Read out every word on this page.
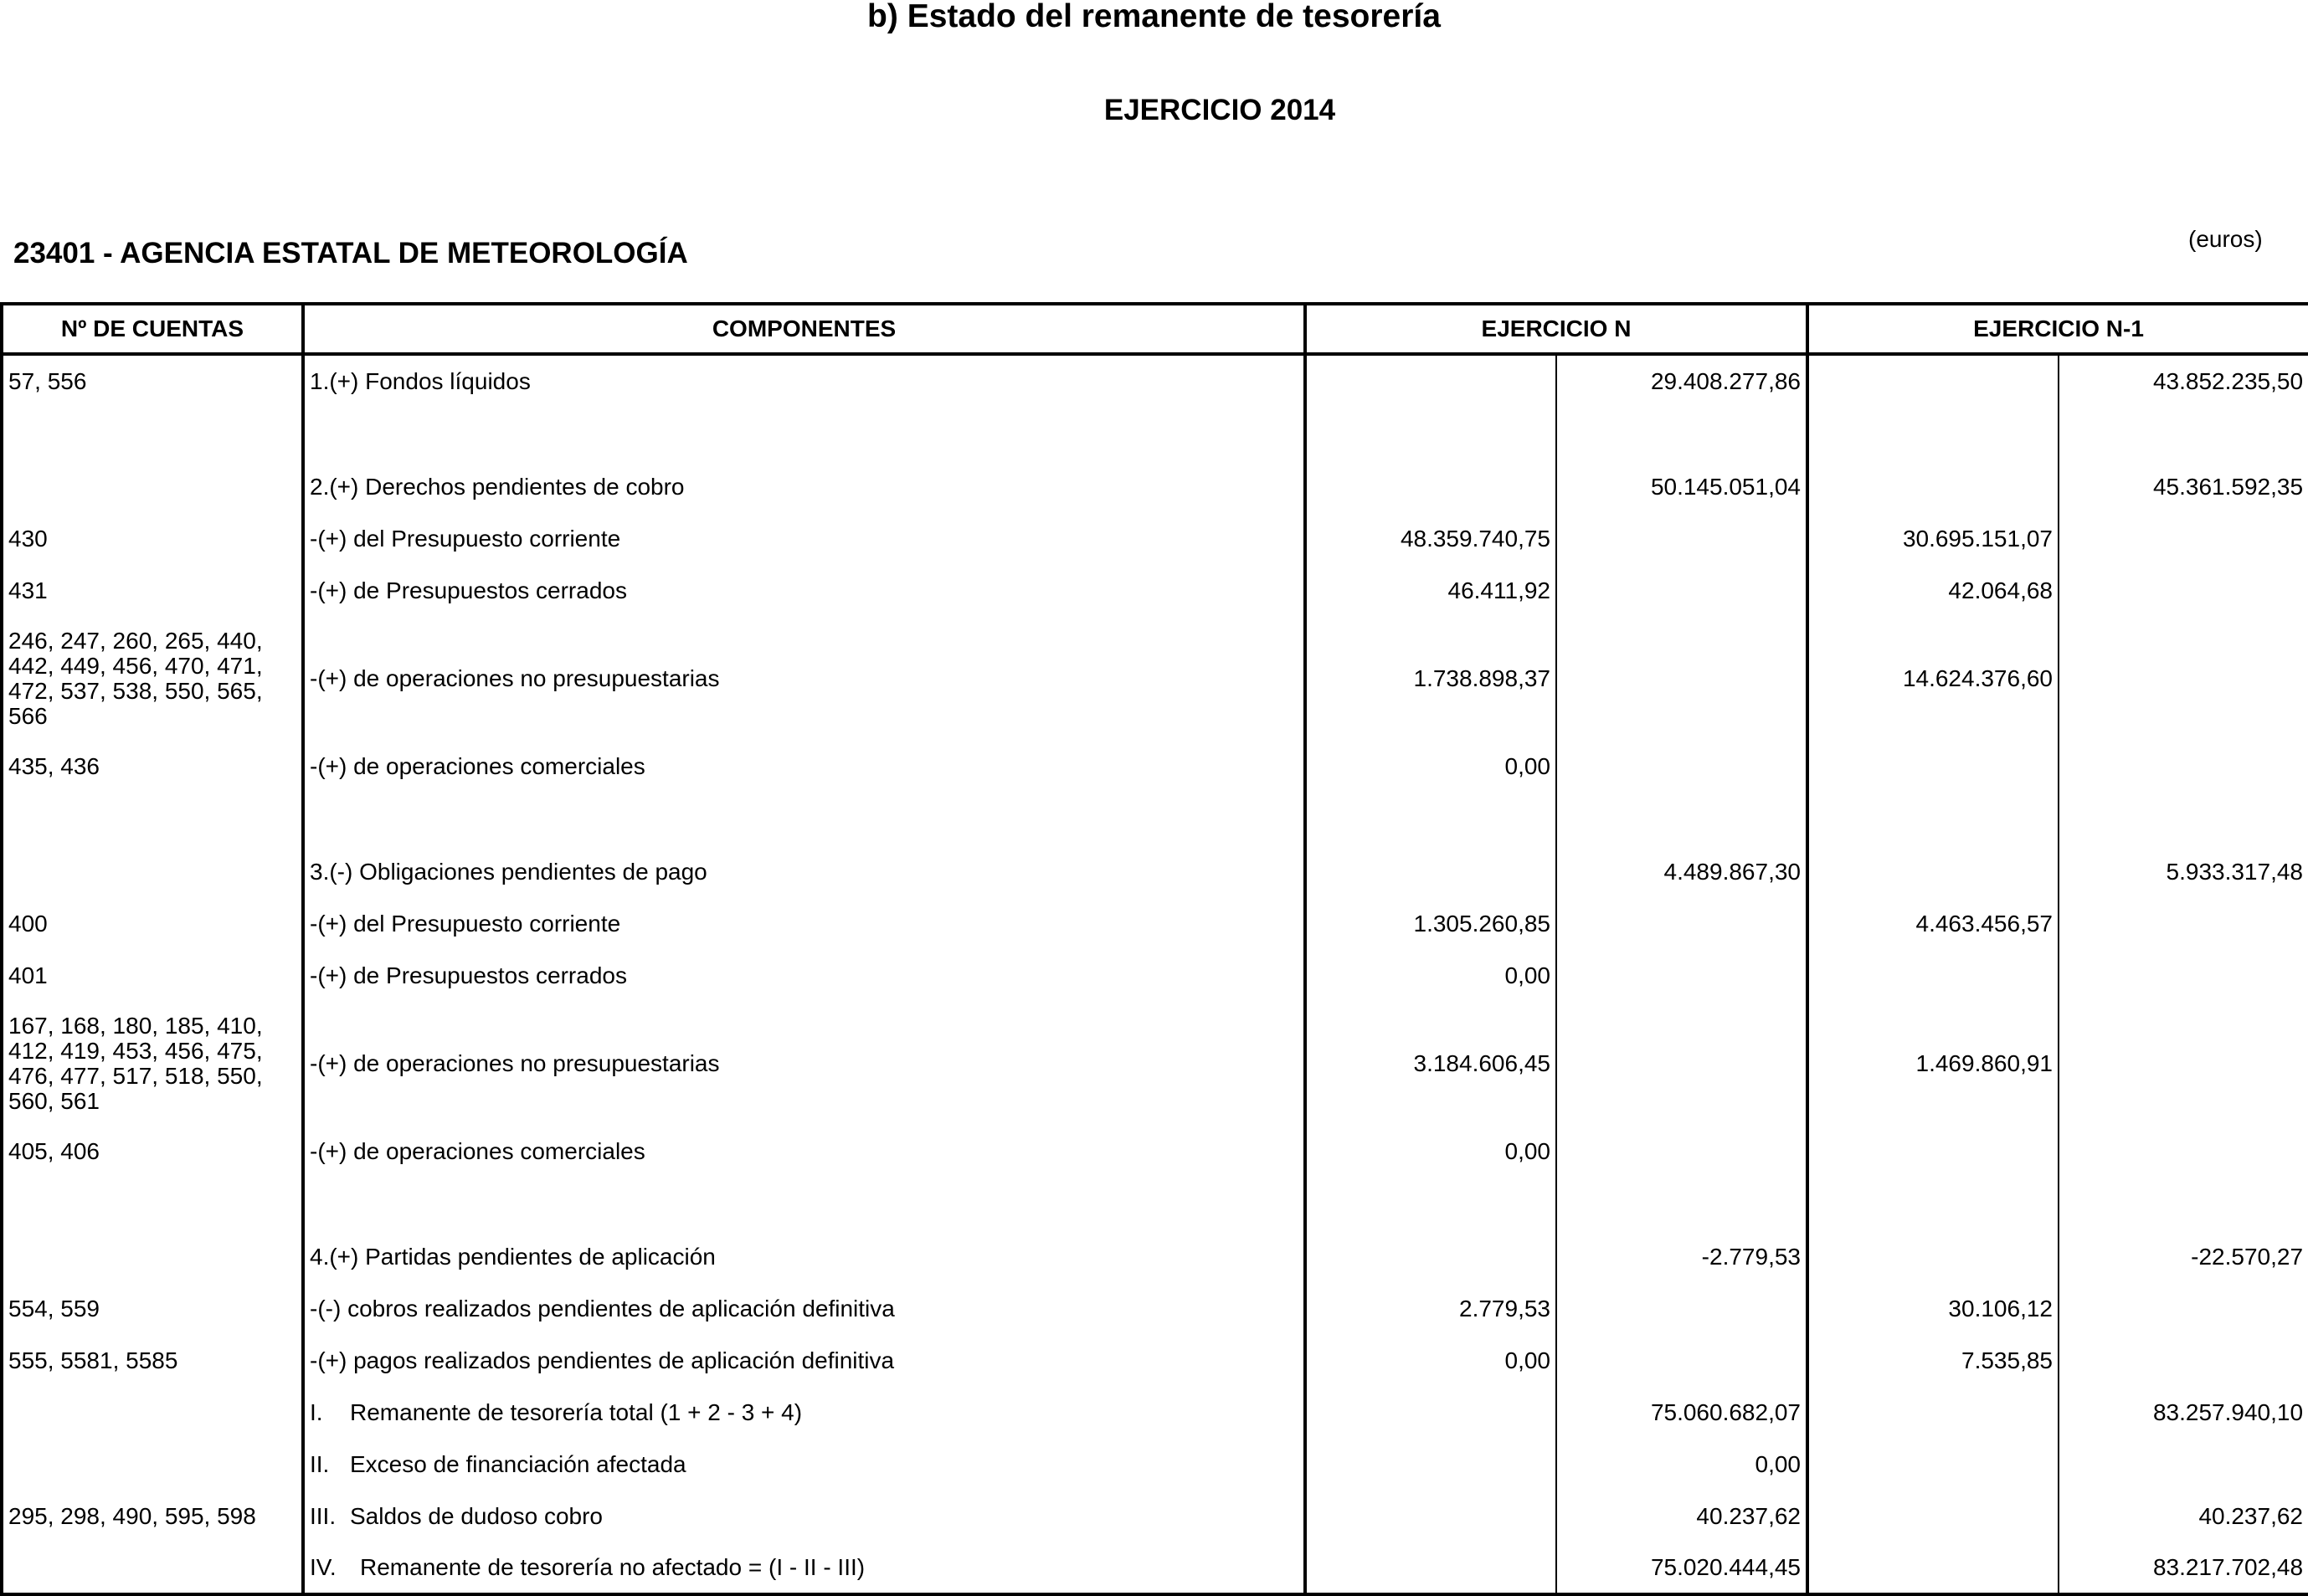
b) Estado del remanente de tesorería
EJERCICIO 2014
23401 - AGENCIA ESTATAL DE METEOROLOGÍA	(euros)
Nº DE CUENTAS	COMPONENTES	EJERCICIO N		EJERCICIO N-1	
57, 556	1.(+) Fondos líquidos		29.408.277,86		43.852.235,50

	2.(+) Derechos pendientes de cobro		50.145.051,04		45.361.592,35
430	-(+) del Presupuesto corriente	48.359.740,75		30.695.151,07	
431	-(+) de Presupuestos cerrados	46.411,92		42.064,68	
246, 247, 260, 265, 440, 442, 449, 456, 470, 471, 472, 537, 538, 550, 565, 566	-(+) de operaciones no presupuestarias	1.738.898,37		14.624.376,60	
435, 436	-(+) de operaciones comerciales	0,00			

	3.(-) Obligaciones pendientes de pago		4.489.867,30		5.933.317,48
400	-(+) del Presupuesto corriente	1.305.260,85		4.463.456,57	
401	-(+) de Presupuestos cerrados	0,00			
167, 168, 180, 185, 410, 412, 419, 453, 456, 475, 476, 477, 517, 518, 550, 560, 561	-(+) de operaciones no presupuestarias	3.184.606,45		1.469.860,91	
405, 406	-(+) de operaciones comerciales	0,00			

	4.(+) Partidas pendientes de aplicación		-2.779,53		-22.570,27
554, 559	-(-) cobros realizados pendientes de aplicación definitiva	2.779,53		30.106,12	
555, 5581, 5585	-(+) pagos realizados pendientes de aplicación definitiva	0,00		7.535,85	
	I. Remanente de tesorería total (1 + 2 - 3 + 4)		75.060.682,07		83.257.940,10
	II. Exceso de financiación afectada		0,00		
295, 298, 490, 595, 598	III. Saldos de dudoso cobro		40.237,62		40.237,62
	IV. Remanente de tesorería no afectado = (I - II - III)		75.020.444,45		83.217.702,48
